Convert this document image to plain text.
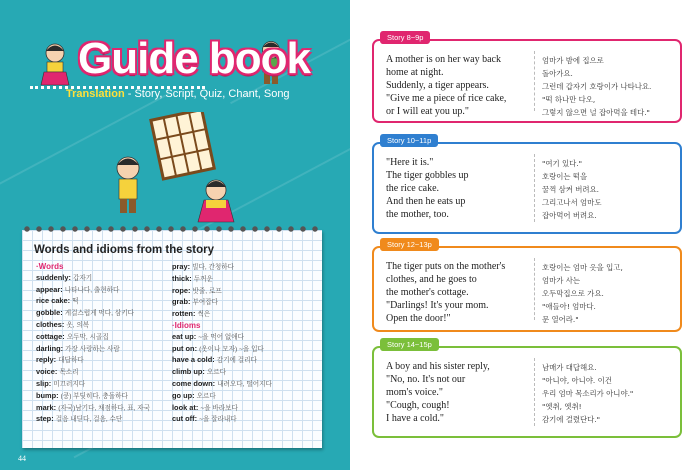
Guide book
Translation - Story, Script, Quiz, Chant, Song
Words and idioms from the story
·Words
suddenly: 갑자기
appear: 나타나다, 출현하다
rice cake: 떡
gobble: 게걸스럽게 먹다, 삼키다
clothes: 옷, 의복
cottage: 오두막, 시골집
darling: 가장 사랑하는 사람
reply: 대답하다
voice: 목소리
slip: 미끄러지다
bump: (쿵) 부딪히다, 충돌하다
mark: (자국)남기다, 채점하다, 표, 자국
step: 걸음 내딛다, 걸음, 수단
pray: 빌다, 간청하다
thick: 두꺼운
rope: 밧줄, 로프
grab: 부여잡다
rotten: 썩은
·Idioms
eat up: ~을 먹어 없애다
put on: (옷이나 모자) ~을 입다
have a cold: 감기에 걸리다
climb up: 오르다
come down: 내려오다, 떨어지다
go up: 오르다
look at: ~을 바라보다
cut off: ~을 잘라내다
44
Story 8~9p
A mother is on her way back
home at night.
Suddenly, a tiger appears.
"Give me a piece of rice cake,
or I will eat you up."
엄마가 밤에 집으로
돌아가요.
그런데 갑자기 호랑이가 나타나요.
"떡 하나만 다오,
그렇지 않으면 널 잡아먹을 테다."
Story 10~11p
"Here it is."
The tiger gobbles up
the rice cake.
And then he eats up
the mother, too.
"여기 있다."
호랑이는 떡을
꿀꺽 삼켜 버려요.
그리고나서 엄마도
잡아먹어 버려요.
Story 12~13p
The tiger puts on the mother's
clothes, and he goes to
the mother's cottage.
"Darlings! It's your mom.
Open the door!"
호랑이는 엄마 옷을 입고,
엄마가 사는
오두막집으로 가요.
"애들아! 엄마다.
문 열어라."
Story 14~15p
A boy and his sister reply,
"No, no. It's not our
mom's voice."
"Cough, cough!
I have a cold."
남매가 대답해요.
"아니야, 아니야. 이건
우리 엄마 목소리가 아니야."
"엣취, 엣취!
감기에 걸렸단다."
